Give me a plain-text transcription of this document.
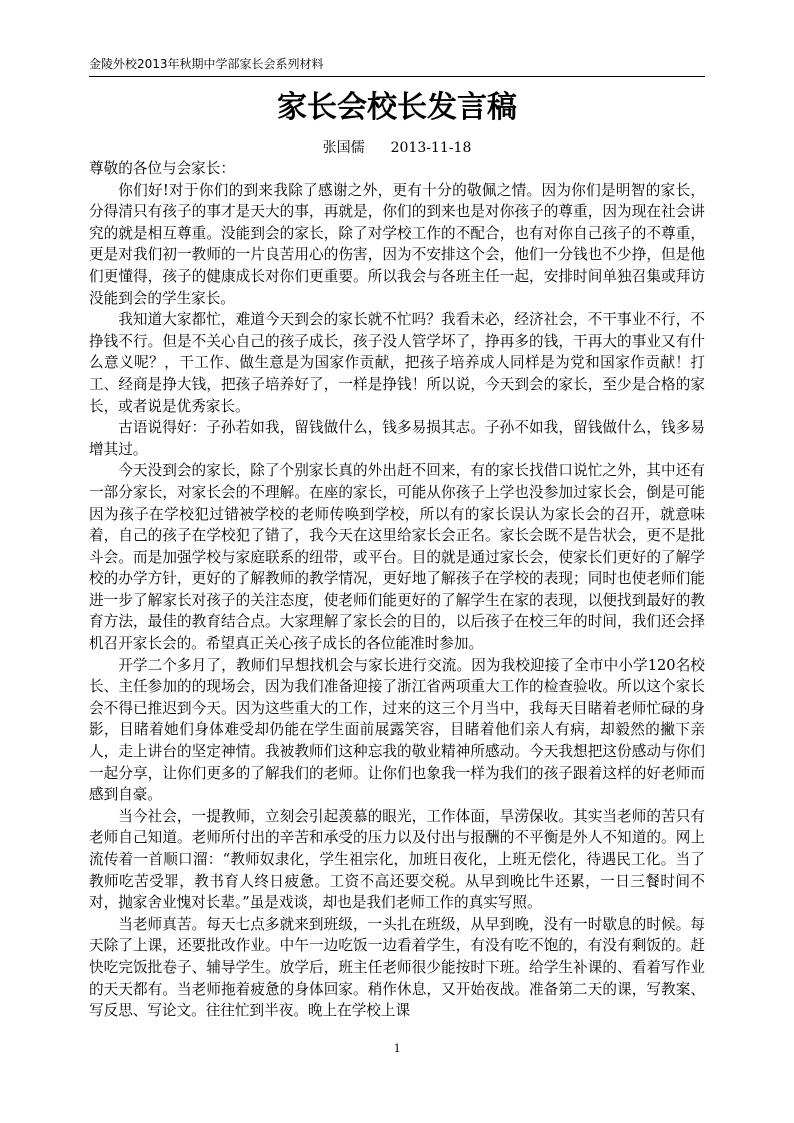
金陵外校2013年秋期中学部家长会系列材料
家长会校长发言稿
张国儒 2013-11-18

尊敬的各位与会家长：

你们好!对于你们的到来我除了感谢之外，更有十分的敬佩之情。因为你们是明智的家长，分得清只有孩子的事才是天大的事，再就是，你们的到来也是对你孩子的尊重，因为现在社会讲究的就是相互尊重。没能到会的家长，除了对学校工作的不配合，也有对你自己孩子的不尊重，更是对我们初一教师的一片良苦用心的伤害，因为不安排这个会，他们一分钱也不少挣，但是他们更懂得，孩子的健康成长对你们更重要。所以我会与各班主任一起，安排时间单独召集或拜访没能到会的学生家长。

我知道大家都忙，难道今天到会的家长就不忙吗？我看未必，经济社会，不干事业不行，不挣钱不行。但是不关心自己的孩子成长，孩子没人管学坏了，挣再多的钱，干再大的事业又有什么意义呢？，干工作、做生意是为国家作贡献，把孩子培养成人同样是为党和国家作贡献！打工、经商是挣大钱，把孩子培养好了，一样是挣钱！所以说，今天到会的家长，至少是合格的家长，或者说是优秀家长。

古语说得好：子孙若如我，留钱做什么，钱多易损其志。子孙不如我，留钱做什么，钱多易增其过。

今天没到会的家长，除了个别家长真的外出赶不回来，有的家长找借口说忙之外，其中还有一部分家长，对家长会的不理解。在座的家长，可能从你孩子上学也没参加过家长会，倒是可能因为孩子在学校犯过错被学校的老师传唤到学校，所以有的家长误认为家长会的召开，就意味着，自己的孩子在学校犯了错了，我今天在这里给家长会正名。家长会既不是告状会，更不是批斗会。而是加强学校与家庭联系的纽带，或平台。目的就是通过家长会，使家长们更好的了解学校的办学方针，更好的了解教师的教学情况，更好地了解孩子在学校的表现；同时也使老师们能进一步了解家长对孩子的关注态度，使老师们能更好的了解学生在家的表现，以便找到最好的教育方法，最佳的教育结合点。大家理解了家长会的目的，以后孩子在校三年的时间，我们还会择机召开家长会的。希望真正关心孩子成长的各位能准时参加。

开学二个多月了，教师们早想找机会与家长进行交流。因为我校迎接了全市中小学120名校长、主任参加的的现场会，因为我们准备迎接了浙江省两项重大工作的检查验收。所以这个家长会不得已推迟到今天。因为这些重大的工作，过来的这三个月当中，我每天目睹着老师忙碌的身影，目睹着她们身体难受却仍能在学生面前展露笑容，目睹着他们亲人有病，却毅然的撇下亲人，走上讲台的坚定神情。我被教师们这种忘我的敬业精神所感动。今天我想把这份感动与你们一起分享，让你们更多的了解我们的老师。让你们也象我一样为我们的孩子跟着这样的好老师而感到自豪。

当今社会，一提教师，立刻会引起羡慕的眼光，工作体面，旱涝保收。其实当老师的苦只有老师自己知道。老师所付出的辛苦和承受的压力以及付出与报酬的不平衡是外人不知道的。网上流传着一首顺口溜：“教师奴隶化，学生祖宗化，加班日夜化，上班无偿化，待遇民工化。当了教师吃苦受罪，教书育人终日疲惫。工资不高还要交税。从早到晚比牛还累，一日三餐时间不对，抛家舍业愧对长辈。”虽是戏谈，却也是我们老师工作的真实写照。

当老师真苦。每天七点多就来到班级，一头扎在班级，从早到晚，没有一时歇息的时候。每天除了上课，还要批改作业。中午一边吃饭一边看着学生，有没有吃不饱的，有没有剩饭的。赶快吃完饭批卷子、辅导学生。放学后，班主任老师很少能按时下班。给学生补课的、看着写作业的天天都有。当老师拖着疲惫的身体回家。稍作休息，又开始夜战。准备第二天的课，写教案、写反思、写论文。往往忙到半夜。晚上在学校上课

1
